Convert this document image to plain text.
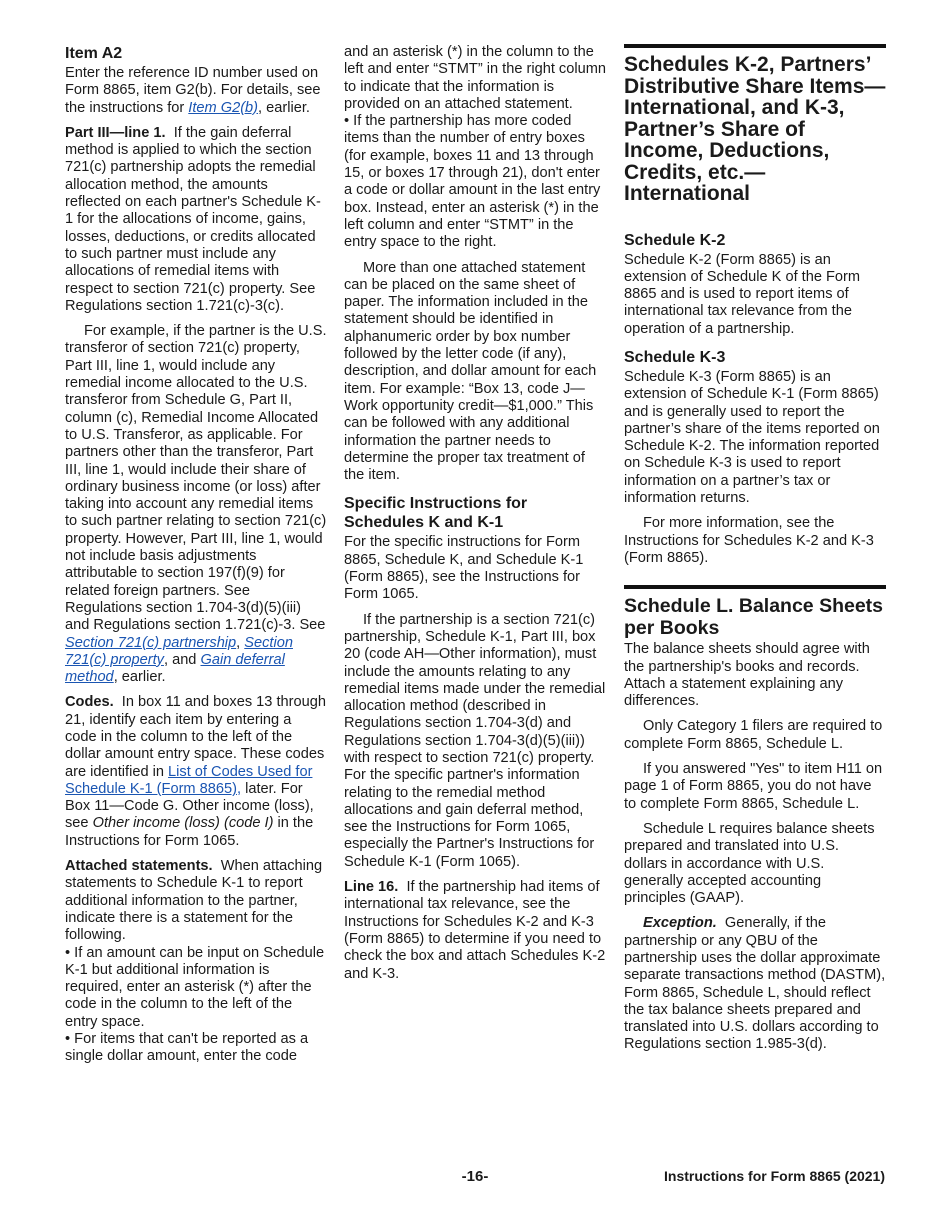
Item A2

Enter the reference ID number used on Form 8865, item G2(b). For details, see the instructions for Item G2(b), earlier.

Part III—line 1. If the gain deferral method is applied to which the section 721(c) partnership adopts the remedial allocation method, the amounts reflected on each partner's Schedule K-1 for the allocations of income, gains, losses, deductions, or credits allocated to such partner must include any allocations of remedial items with respect to section 721(c) property. See Regulations section 1.721(c)-3(c).

For example, if the partner is the U.S. transferor of section 721(c) property, Part III, line 1, would include any remedial income allocated to the U.S. transferor from Schedule G, Part II, column (c), Remedial Income Allocated to U.S. Transferor, as applicable. For partners other than the transferor, Part III, line 1, would include their share of ordinary business income (or loss) after taking into account any remedial items to such partner relating to section 721(c) property. However, Part III, line 1, would not include basis adjustments attributable to section 197(f)(9) for related foreign partners. See Regulations section 1.704-3(d)(5)(iii) and Regulations section 1.721(c)-3. See Section 721(c) partnership, Section 721(c) property, and Gain deferral method, earlier.

Codes. In box 11 and boxes 13 through 21, identify each item by entering a code in the column to the left of the dollar amount entry space. These codes are identified in List of Codes Used for Schedule K-1 (Form 8865), later. For Box 11—Code G. Other income (loss), see Other income (loss) (code I) in the Instructions for Form 1065.

Attached statements. When attaching statements to Schedule K-1 to report additional information to the partner, indicate there is a statement for the following.

• If an amount can be input on Schedule K-1 but additional information is required, enter an asterisk (*) after the code in the column to the left of the entry space.

• For items that can't be reported as a single dollar amount, enter the code

and an asterisk (*) in the column to the left and enter “STMT” in the right column to indicate that the information is provided on an attached statement.

• If the partnership has more coded items than the number of entry boxes (for example, boxes 11 and 13 through 15, or boxes 17 through 21), don't enter a code or dollar amount in the last entry box. Instead, enter an asterisk (*) in the left column and enter “STMT” in the entry space to the right.

More than one attached statement can be placed on the same sheet of paper. The information included in the statement should be identified in alphanumeric order by box number followed by the letter code (if any), description, and dollar amount for each item. For example: “Box 13, code J—Work opportunity credit—$1,000.” This can be followed with any additional information the partner needs to determine the proper tax treatment of the item.

Specific Instructions for Schedules K and K-1

For the specific instructions for Form 8865, Schedule K, and Schedule K-1 (Form 8865), see the Instructions for Form 1065.

If the partnership is a section 721(c) partnership, Schedule K-1, Part III, box 20 (code AH—Other information), must include the amounts relating to any remedial items made under the remedial allocation method (described in Regulations section 1.704-3(d) and Regulations section 1.704-3(d)(5)(iii)) with respect to section 721(c) property. For the specific partner's information relating to the remedial method allocations and gain deferral method, see the Instructions for Form 1065, especially the Partner's Instructions for Schedule K-1 (Form 1065).

Line 16. If the partnership had items of international tax relevance, see the Instructions for Schedules K-2 and K-3 (Form 8865) to determine if you need to check the box and attach Schedules K-2 and K-3.

Schedules K-2, Partners’ Distributive Share Items—International, and K-3, Partner’s Share of Income, Deductions, Credits, etc.—International
Schedule K-2

Schedule K-2 (Form 8865) is an extension of Schedule K of the Form 8865 and is used to report items of international tax relevance from the operation of a partnership.

Schedule K-3

Schedule K-3 (Form 8865) is an extension of Schedule K-1 (Form 8865) and is generally used to report the partner’s share of the items reported on Schedule K-2. The information reported on Schedule K-3 is used to report information on a partner’s tax or information returns.

For more information, see the Instructions for Schedules K-2 and K-3 (Form 8865).

Schedule L. Balance Sheets per Books

The balance sheets should agree with the partnership's books and records. Attach a statement explaining any differences.

Only Category 1 filers are required to complete Form 8865, Schedule L.

If you answered "Yes" to item H11 on page 1 of Form 8865, you do not have to complete Form 8865, Schedule L.

Schedule L requires balance sheets prepared and translated into U.S. dollars in accordance with U.S. generally accepted accounting principles (GAAP).

Exception. Generally, if the partnership or any QBU of the partnership uses the dollar approximate separate transactions method (DASTM), Form 8865, Schedule L, should reflect the tax balance sheets prepared and translated into U.S. dollars according to Regulations section 1.985-3(d).

-16-	Instructions for Form 8865 (2021)
